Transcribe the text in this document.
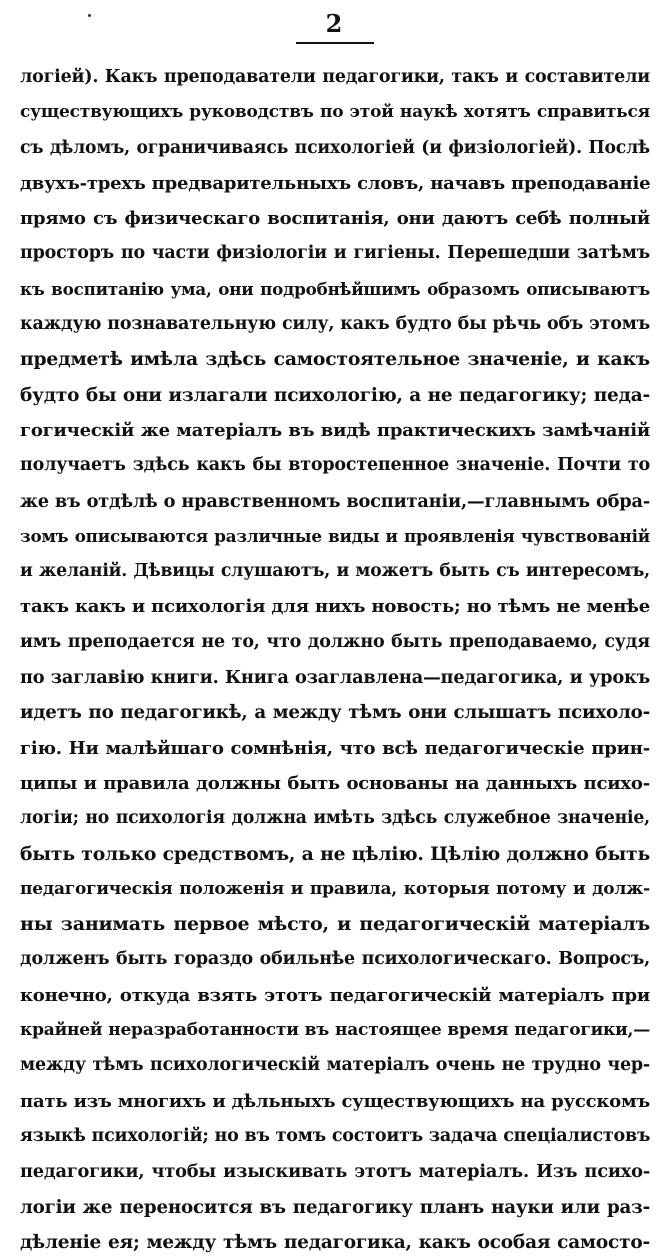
2
логiей). Какъ преподаватели педагогики, такъ и составители
существующихъ руководствъ по этой наукѣ хотятъ справиться
съ дѣломъ, ограничиваясь психологiей (и физiологiей). Послѣ
двухъ-трехъ предварительныхъ словъ, начавъ преподаванiе
прямо съ физическаго воспитанiя, они даютъ себѣ полный
просторъ по части физiологiи и гигiены. Перешедши затѣмъ
къ воспитанiю ума, они подробнѣйшимъ образомъ описываютъ
каждую познавательную силу, какъ будто бы рѣчь объ этомъ
предметѣ имѣла здѣсь самостоятельное значенiе, и какъ
будто бы они излагали психологiю, а не педагогику; педа-
гогическiй же матерiалъ въ видѣ практическихъ замѣчанiй
получаетъ здѣсь какъ бы второстепенное значенiе. Почти то
же въ отдѣлѣ о нравственномъ воспитанiи,—главнымъ обра-
зомъ описываются различные виды и проявленiя чувствованiй
и желанiй. Дѣвицы слушаютъ, и можетъ быть съ интересомъ,
такъ какъ и психологiя для нихъ новость; но тѣмъ не менѣе
имъ преподается не то, что должно быть преподаваемо, судя
по заглавiю книги. Книга озаглавлена—педагогика, и урокъ
идетъ по педагогикѣ, а между тѣмъ они слышатъ психоло-
гiю. Ни малѣйшаго сомнѣнiя, что всѣ педагогическiе прин-
ципы и правила должны быть основаны на данныхъ психо-
логiи; но психологiя должна имѣть здѣсь служебное значенiе,
быть только средствомъ, а не цѣлiю. Цѣлiю должно быть
педагогическiя положенiя и правила, которыя потому и долж-
ны занимать первое мѣсто, и педагогическiй матерiалъ
долженъ быть гораздо обильнѣе психологическаго. Вопросъ,
конечно, откуда взять этотъ педагогическiй матерiалъ при
крайней неразработанности въ настоящее время педагогики,—
между тѣмъ психологическiй матерiалъ очень не трудно чер-
пать изъ многихъ и дѣльныхъ существующихъ на русскомъ
языкѣ психологiй; но въ томъ состоитъ задача спецiалистовъ
педагогики, чтобы изыскивать этотъ матерiалъ. Изъ психо-
логiи же переносится въ педагогику планъ науки или раз-
дѣленiе ея; между тѣмъ педагогика, какъ особая самосто-
